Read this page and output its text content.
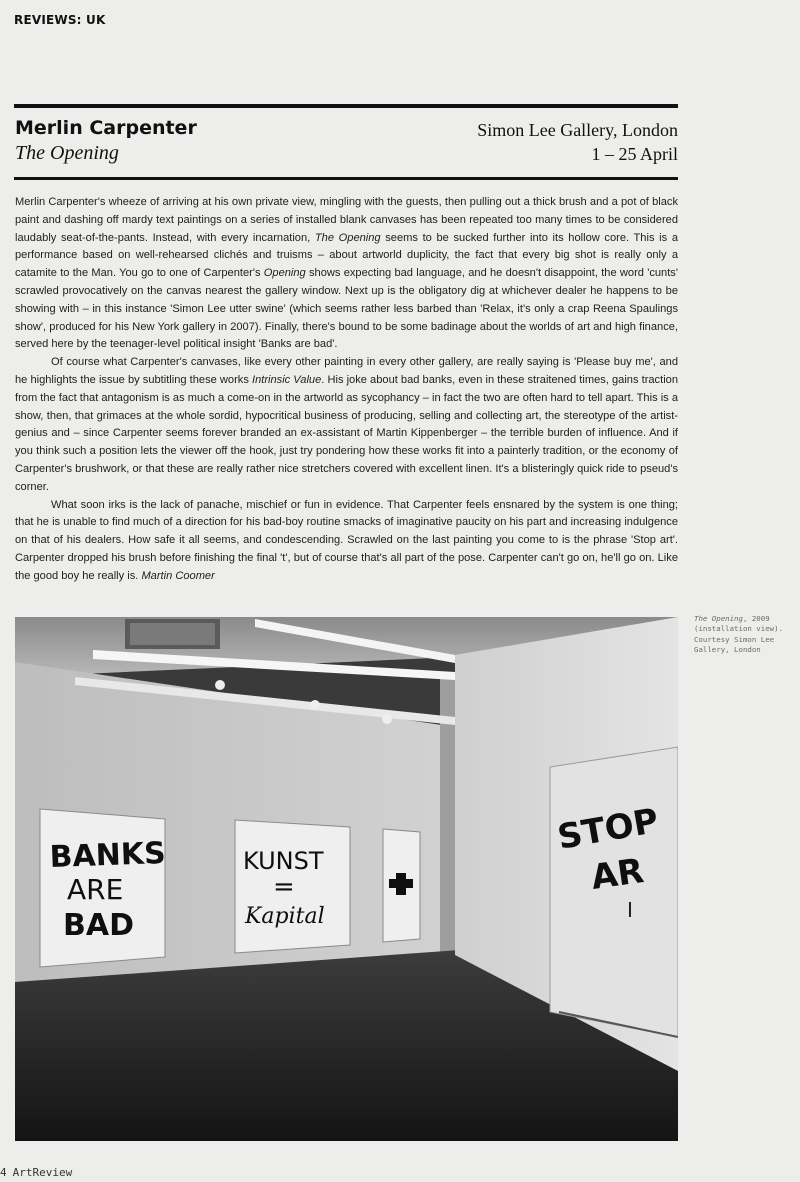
REVIEWS: UK
Merlin Carpenter
The Opening
Simon Lee Gallery, London
1 – 25 April

Merlin Carpenter's wheeze of arriving at his own private view, mingling with the guests, then pulling out a thick brush and a pot of black paint and dashing off mardy text paintings on a series of installed blank canvases has been repeated too many times to be considered laudably seat-of-the-pants. Instead, with every incarnation, The Opening seems to be sucked further into its hollow core. This is a performance based on well-rehearsed clichés and truisms – about artworld duplicity, the fact that every big shot is really only a catamite to the Man. You go to one of Carpenter's Opening shows expecting bad language, and he doesn't disappoint, the word 'cunts' scrawled provocatively on the canvas nearest the gallery window. Next up is the obligatory dig at whichever dealer he happens to be showing with – in this instance 'Simon Lee utter swine' (which seems rather less barbed than 'Relax, it's only a crap Reena Spaulings show', produced for his New York gallery in 2007). Finally, there's bound to be some badinage about the worlds of art and high finance, served here by the teenager-level political insight 'Banks are bad'.

Of course what Carpenter's canvases, like every other painting in every other gallery, are really saying is 'Please buy me', and he highlights the issue by subtitling these works Intrinsic Value. His joke about bad banks, even in these straitened times, gains traction from the fact that antagonism is as much a come-on in the artworld as sycophancy – in fact the two are often hard to tell apart. This is a show, then, that grimaces at the whole sordid, hypocritical business of producing, selling and collecting art, the stereotype of the artist-genius and – since Carpenter seems forever branded an ex-assistant of Martin Kippenberger – the terrible burden of influence. And if you think such a position lets the viewer off the hook, just try pondering how these works fit into a painterly tradition, or the economy of Carpenter's brushwork, or that these are really rather nice stretchers covered with excellent linen. It's a blisteringly quick ride to pseud's corner.

What soon irks is the lack of panache, mischief or fun in evidence. That Carpenter feels ensnared by the system is one thing; that he is unable to find much of a direction for his bad-boy routine smacks of imaginative paucity on his part and increasing indulgence on that of his dealers. How safe it all seems, and condescending. Scrawled on the last painting you come to is the phrase 'Stop art'. Carpenter dropped his brush before finishing the final 't', but of course that's all part of the pose. Carpenter can't go on, he'll go on. Like the good boy he really is. Martin Coomer

BANKS
ARE
BAD
KUNST
=
Kapital
STOP
AR
The Opening, 2009
(installation view).
Courtesy Simon Lee
Gallery, London
4 ArtReview
